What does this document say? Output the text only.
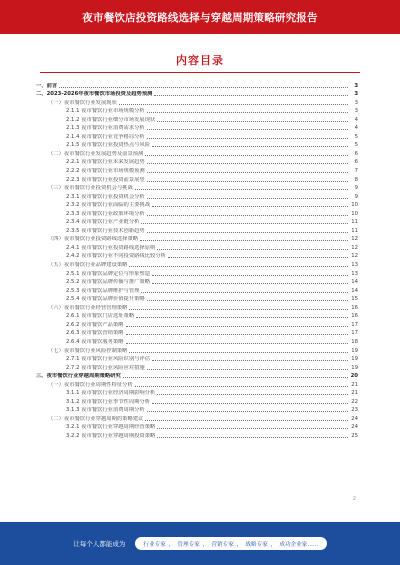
夜市餐饮店投资路线选择与穿越周期策略研究报告
内容目录
一、前言	3
二、2023-2026年夜市餐饮市场投资及趋势预测	3
（一）夜市餐饮行业发展现状	3
2.1.1 夜市餐饮行业市场规模分析	3
2.1.2 夜市餐饮行业细分市场发展现状	4
2.1.3 夜市餐饮行业消费需求分析	4
2.1.4 夜市餐饮行业竞争格局分析	5
2.1.5 夜市餐饮行业投资热点与风险	5
（二）夜市餐饮行业发展趋势及前景预测	6
2.2.1 夜市餐饮行业未来发展趋势	6
2.2.2 夜市餐饮行业市场规模预测	7
2.2.3 夜市餐饮行业投资前景展望	8
（三）夜市餐饮行业投资机会与挑战	9
2.3.1 夜市餐饮行业投资机会分析	9
2.3.2 夜市餐饮行业面临的主要挑战	10
2.3.3 夜市餐饮行业政策环境分析	10
2.3.4 夜市餐饮行业产业链分析	11
2.3.5 夜市餐饮行业技术创新趋势	11
（四）夜市餐饮行业投资路线选择策略	12
2.4.1 夜市餐饮行业投资路线选择原则	12
2.4.2 夜市餐饮行业不同投资路线比较分析	12
（五）夜市餐饮行业品牌建设策略	13
2.5.1 夜市餐饮品牌定位与形象塑造	13
2.5.2 夜市餐饮品牌传播与推广策略	14
2.5.3 夜市餐饮品牌维护与管理	14
2.5.4 夜市餐饮品牌价值提升策略	15
（六）夜市餐饮行业经营管理策略	16
2.6.1 夜市餐饮门店选址策略	16
2.6.2 夜市餐饮产品策略	17
2.6.3 夜市餐饮营销策略	17
2.6.4 夜市餐饮服务策略	18
（七）夜市餐饮行业风险控制策略	19
2.7.1 夜市餐饮行业风险识别与评估	19
2.7.2 夜市餐饮行业风险应对措施	19
三、夜市餐饮行业穿越周期策略研究	20
（一）夜市餐饮行业周期性特征分析	21
3.1.1 夜市餐饮行业经济周期影响分析	21
3.1.2 夜市餐饮行业季节性周期分析	22
3.1.3 夜市餐饮行业消费周期分析	23
（二）夜市餐饮行业穿越周期的策略建议	24
3.2.1 夜市餐饮行业穿越周期经营策略	24
3.2.2 夜市餐饮行业穿越周期投资策略	25
2
让每个人都能成为	行业专家 ， 管理专家 ， 营销专家 ， 战略专家 ， 成功企业家……
